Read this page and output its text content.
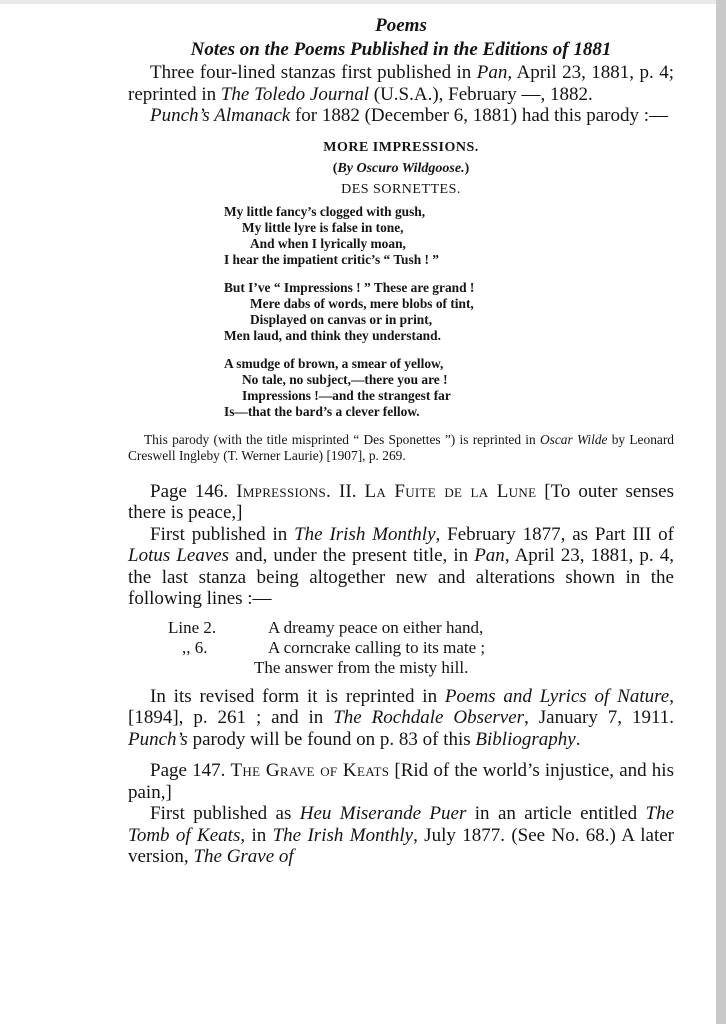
Poems

Notes on the Poems Published in the Editions of 1881

Three four-lined stanzas first published in Pan, April 23, 1881, p. 4; reprinted in The Toledo Journal (U.S.A.), February —, 1882.

Punch’s Almanack for 1882 (December 6, 1881) had this parody :—

MORE IMPRESSIONS.

(By Oscuro Wildgoose.)

DES SORNETTES.

My little fancy’s clogged with gush,

My little lyre is false in tone,

And when I lyrically moan,

I hear the impatient critic’s “ Tush ! ”

But I’ve “ Impressions ! ” These are grand !

Mere dabs of words, mere blobs of tint,

Displayed on canvas or in print,

Men laud, and think they understand.

A smudge of brown, a smear of yellow,

No tale, no subject,—there you are !

Impressions !—and the strangest far

Is—that the bard’s a clever fellow.

This parody (with the title misprinted “ Des Sponettes ”) is reprinted in Oscar Wilde by Leonard Creswell Ingleby (T. Werner Laurie) [1907], p. 269.

Page 146. Impressions. II. La Fuite de la Lune [To outer senses there is peace,]

First published in The Irish Monthly, February 1877, as Part III of Lotus Leaves and, under the present title, in Pan, April 23, 1881, p. 4, the last stanza being altogether new and alterations shown in the following lines :—

Line 2.	A dreamy peace on either hand,
,, 6.	A corncrake calling to its mate ;
The answer from the misty hill.

In its revised form it is reprinted in Poems and Lyrics of Nature, [1894], p. 261 ; and in The Rochdale Observer, January 7, 1911. Punch’s parody will be found on p. 83 of this Bibliography.

Page 147. The Grave of Keats [Rid of the world’s injustice, and his pain,]

First published as Heu Miserande Puer in an article entitled The Tomb of Keats, in The Irish Monthly, July 1877. (See No. 68.) A later version, The Grave of
